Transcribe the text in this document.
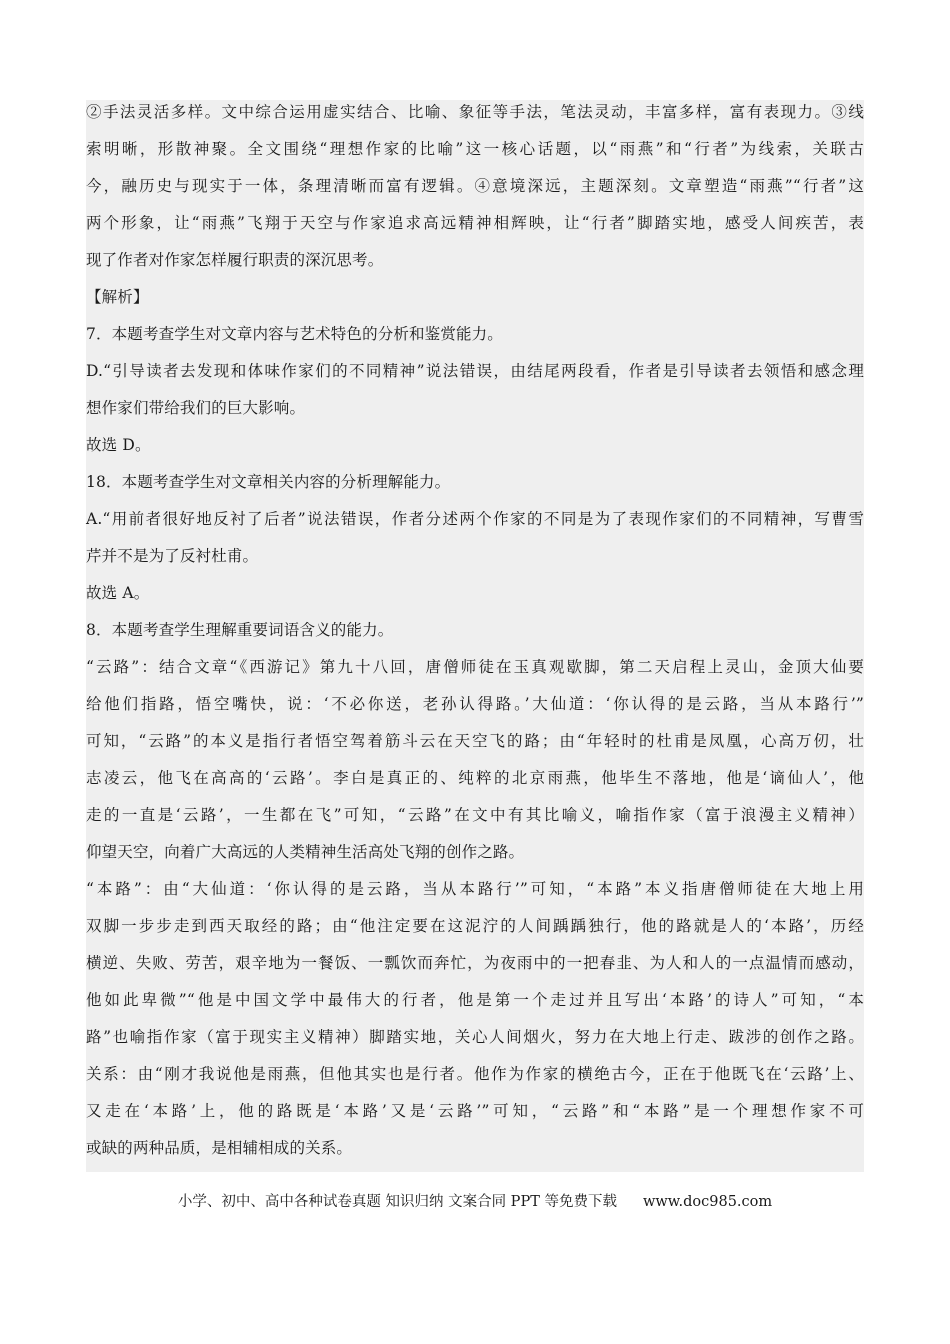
②手法灵活多样。文中综合运用虚实结合、比喻、象征等手法，笔法灵动，丰富多样，富有表现力。③线
索明晰，形散神聚。全文围绕“理想作家的比喻”这一核心话题，以“雨燕”和“行者”为线索，关联古
今，融历史与现实于一体，条理清晰而富有逻辑。④意境深远，主题深刻。文章塑造“雨燕”“行者”这
两个形象，让“雨燕”飞翔于天空与作家追求高远精神相辉映，让“行者”脚踏实地，感受人间疾苦，表
现了作者对作家怎样履行职责的深沉思考。
【解析】
7．本题考查学生对文章内容与艺术特色的分析和鉴赏能力。
D.“引导读者去发现和体味作家们的不同精神”说法错误，由结尾两段看，作者是引导读者去领悟和感念理
想作家们带给我们的巨大影响。
故选 D。
18．本题考查学生对文章相关内容的分析理解能力。
A.“用前者很好地反衬了后者”说法错误，作者分述两个作家的不同是为了表现作家们的不同精神，写曹雪
芹并不是为了反衬杜甫。
故选 A。
8．本题考查学生理解重要词语含义的能力。
“云路”：结合文章“《西游记》第九十八回，唐僧师徒在玉真观歇脚，第二天启程上灵山，金顶大仙要
给他们指路，悟空嘴快，说：‘不必你送，老孙认得路。’大仙道：‘你认得的是云路，当从本路行’”
可知，“云路”的本义是指行者悟空驾着筋斗云在天空飞的路；由“年轻时的杜甫是凤凰，心高万仞，壮
志凌云，他飞在高高的‘云路’。李白是真正的、纯粹的北京雨燕，他毕生不落地，他是‘谪仙人’，他
走的一直是‘云路’，一生都在飞”可知，“云路”在文中有其比喻义，喻指作家（富于浪漫主义精神）
仰望天空，向着广大高远的人类精神生活高处飞翔的创作之路。
“本路”：由“大仙道：‘你认得的是云路，当从本路行’”可知，“本路”本义指唐僧师徒在大地上用
双脚一步步走到西天取经的路；由“他注定要在这泥泞的人间踽踽独行，他的路就是人的‘本路’，历经
横逆、失败、劳苦，艰辛地为一餐饭、一瓢饮而奔忙，为夜雨中的一把春韭、为人和人的一点温情而感动，
他如此卑微”“他是中国文学中最伟大的行者，他是第一个走过并且写出‘本路’的诗人”可知，“本
路”也喻指作家（富于现实主义精神）脚踏实地，关心人间烟火，努力在大地上行走、跋涉的创作之路。
关系：由“刚才我说他是雨燕，但他其实也是行者。他作为作家的横绝古今，正在于他既飞在‘云路’上、
又走在‘本路’上，他的路既是‘本路’又是‘云路’”可知，“云路”和“本路”是一个理想作家不可
或缺的两种品质，是相辅相成的关系。
小学、初中、高中各种试卷真题 知识归纳 文案合同 PPT 等免费下载 www.doc985.com
